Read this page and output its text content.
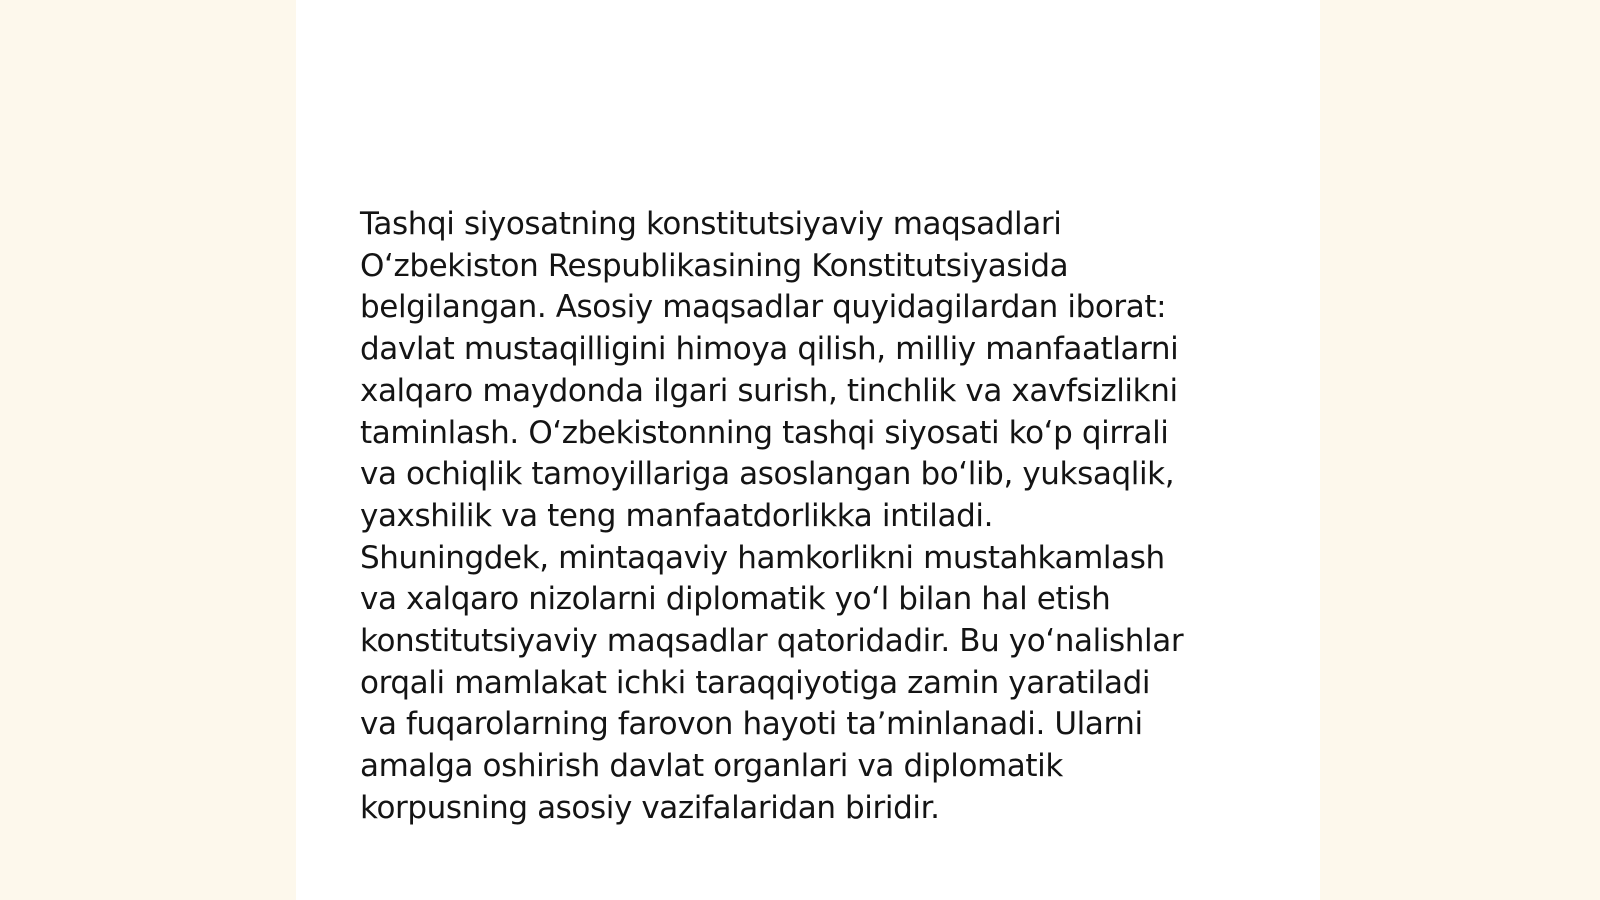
Tashqi siyosatning konstitutsiyaviy maqsadlari
O‘zbekiston Respublikasining Konstitutsiyasida
belgilangan. Asosiy maqsadlar quyidagilardan iborat:
davlat mustaqilligini himoya qilish, milliy manfaatlarni
xalqaro maydonda ilgari surish, tinchlik va xavfsizlikni
taminlash. O‘zbekistonning tashqi siyosati ko‘p qirrali
va ochiqlik tamoyillariga asoslangan bo‘lib, yuksaqlik,
yaxshilik va teng manfaatdorlikka intiladi.
Shuningdek, mintaqaviy hamkorlikni mustahkamlash
va xalqaro nizolarni diplomatik yo‘l bilan hal etish
konstitutsiyaviy maqsadlar qatoridadir. Bu yo‘nalishlar
orqali mamlakat ichki taraqqiyotiga zamin yaratiladi
va fuqarolarning farovon hayoti ta’minlanadi. Ularni
amalga oshirish davlat organlari va diplomatik
korpusning asosiy vazifalaridan biridir.
